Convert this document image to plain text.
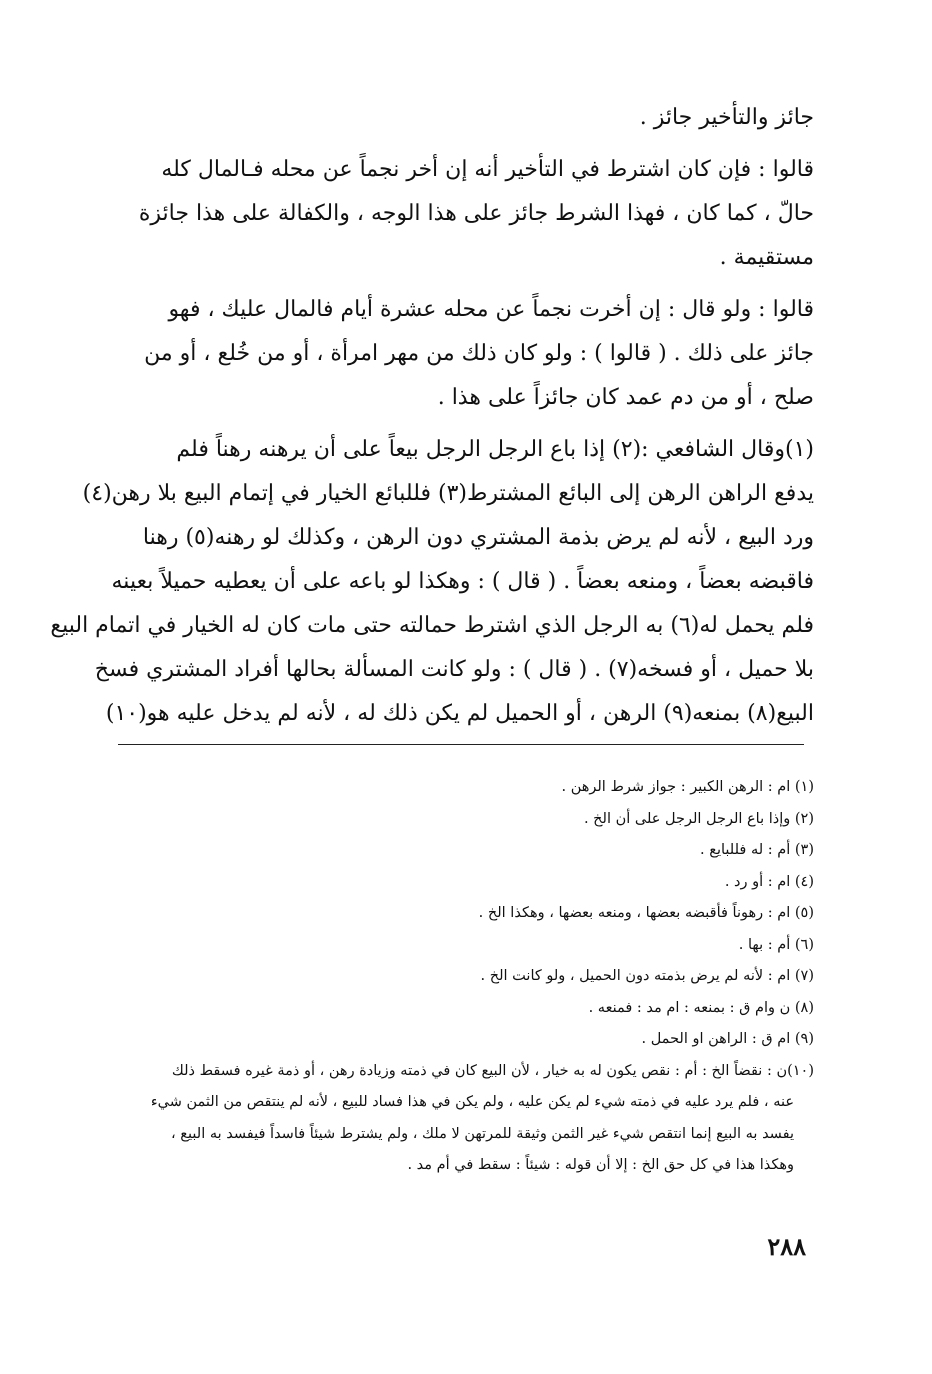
جائز والتأخير جائز .

قالوا : فإن كان اشترط في التأخير أنه إن أخر نجماً عن محله فـالمال كله

حالّ ، كما كان ، فهذا الشرط جائز على هذا الوجه ، والكفالة على هذا جائزة

مستقيمة .

قالوا : ولو قال : إن أخرت نجماً عن محله عشرة أيام فالمال عليك ، فهو

جائز على ذلك . ( قالوا ) : ولو كان ذلك من مهر امرأة ، أو من خُلع ، أو من

صلح ، أو من دم عمد كان جائزاً على هذا .

(١)وقال الشافعي :(٢) إذا باع الرجل الرجل بيعاً على أن يرهنه رهناً فلم

يدفع الراهن الرهن إلى البائع المشترط(٣) فللبائع الخيار في إتمام البيع بلا رهن(٤)

ورد البيع ، لأنه لم يرض بذمة المشتري دون الرهن ، وكذلك لو رهنه(٥) رهنا

فاقبضه بعضاً ، ومنعه بعضاً . ( قال ) : وهكذا لو باعه على أن يعطيه حميلاً بعينه

فلم يحمل له(٦) به الرجل الذي اشترط حمالته حتى مات كان له الخيار في اتمام البيع

بلا حميل ، أو فسخه(٧) . ( قال ) : ولو كانت المسألة بحالها أفراد المشتري فسخ

البيع(٨) بمنعه(٩) الرهن ، أو الحميل لم يكن ذلك له ، لأنه لم يدخل عليه هو(١٠)

(١) ام : الرهن الكبير : جواز شرط الرهن .

(٢) وإذا باع الرجل الرجل على أن الخ .

(٣) أم : له فللبايع .

(٤) ام : أو رد .

(٥) ام : رهوناً فأقبضه بعضها ، ومنعه بعضها ، وهكذا الخ .

(٦) أم : بها .

(٧) ام : لأنه لم يرض بذمته دون الحميل ، ولو كانت الخ .

(٨) ن وام ق : بمنعه : ام مد : فمنعه .

(٩) ام ق : الراهن او الحمل .

(١٠)ن : نقضاً الخ : أم : نقص يكون له به خيار ، لأن البيع كان في ذمته وزيادة رهن ، أو ذمة غيره فسقط ذلك

عنه ، فلم يرد عليه في ذمته شيء لم يكن عليه ، ولم يكن في هذا فساد للبيع ، لأنه لم ينتقص من الثمن شيء

يفسد به البيع إنما انتقص شيء غير الثمن وثيقة للمرتهن لا ملك ، ولم يشترط شيئاً فاسداً فيفسد به البيع ،

وهكذا هذا في كل حق الخ : إلا أن قوله : شيئاً : سقط في أم مد .

٢٨٨
